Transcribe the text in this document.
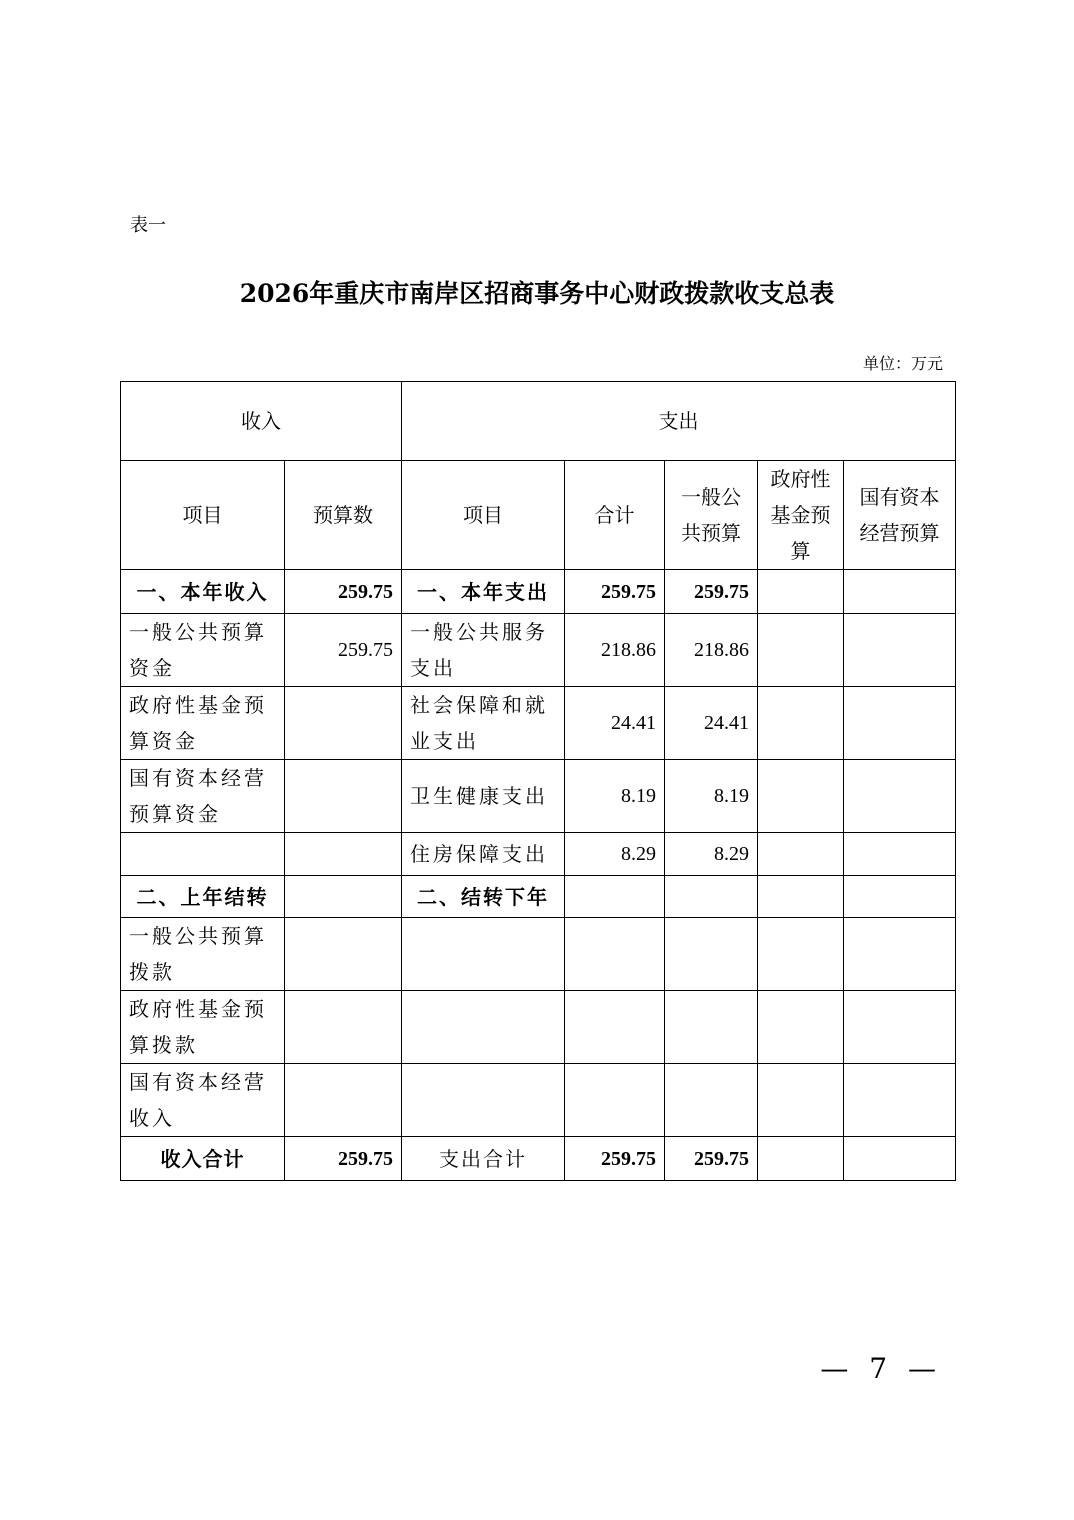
表一
2026年重庆市南岸区招商事务中心财政拨款收支总表
单位：万元
收入		支出				
项目	预算数	项目	合计	一般公共预算	政府性基金预算	国有资本经营预算
一、本年收入	259.75	一、本年支出	259.75	259.75		
一般公共预算资金	259.75	一般公共服务支出	218.86	218.86		
政府性基金预算资金		社会保障和就业支出	24.41	24.41		
国有资本经营预算资金		卫生健康支出	8.19	8.19		
		住房保障支出	8.29	8.29		
二、上年结转		二、结转下年				
一般公共预算拨款						
政府性基金预算拨款						
国有资本经营收入						
收入合计	259.75	支出合计	259.75	259.75		
— 7 —
